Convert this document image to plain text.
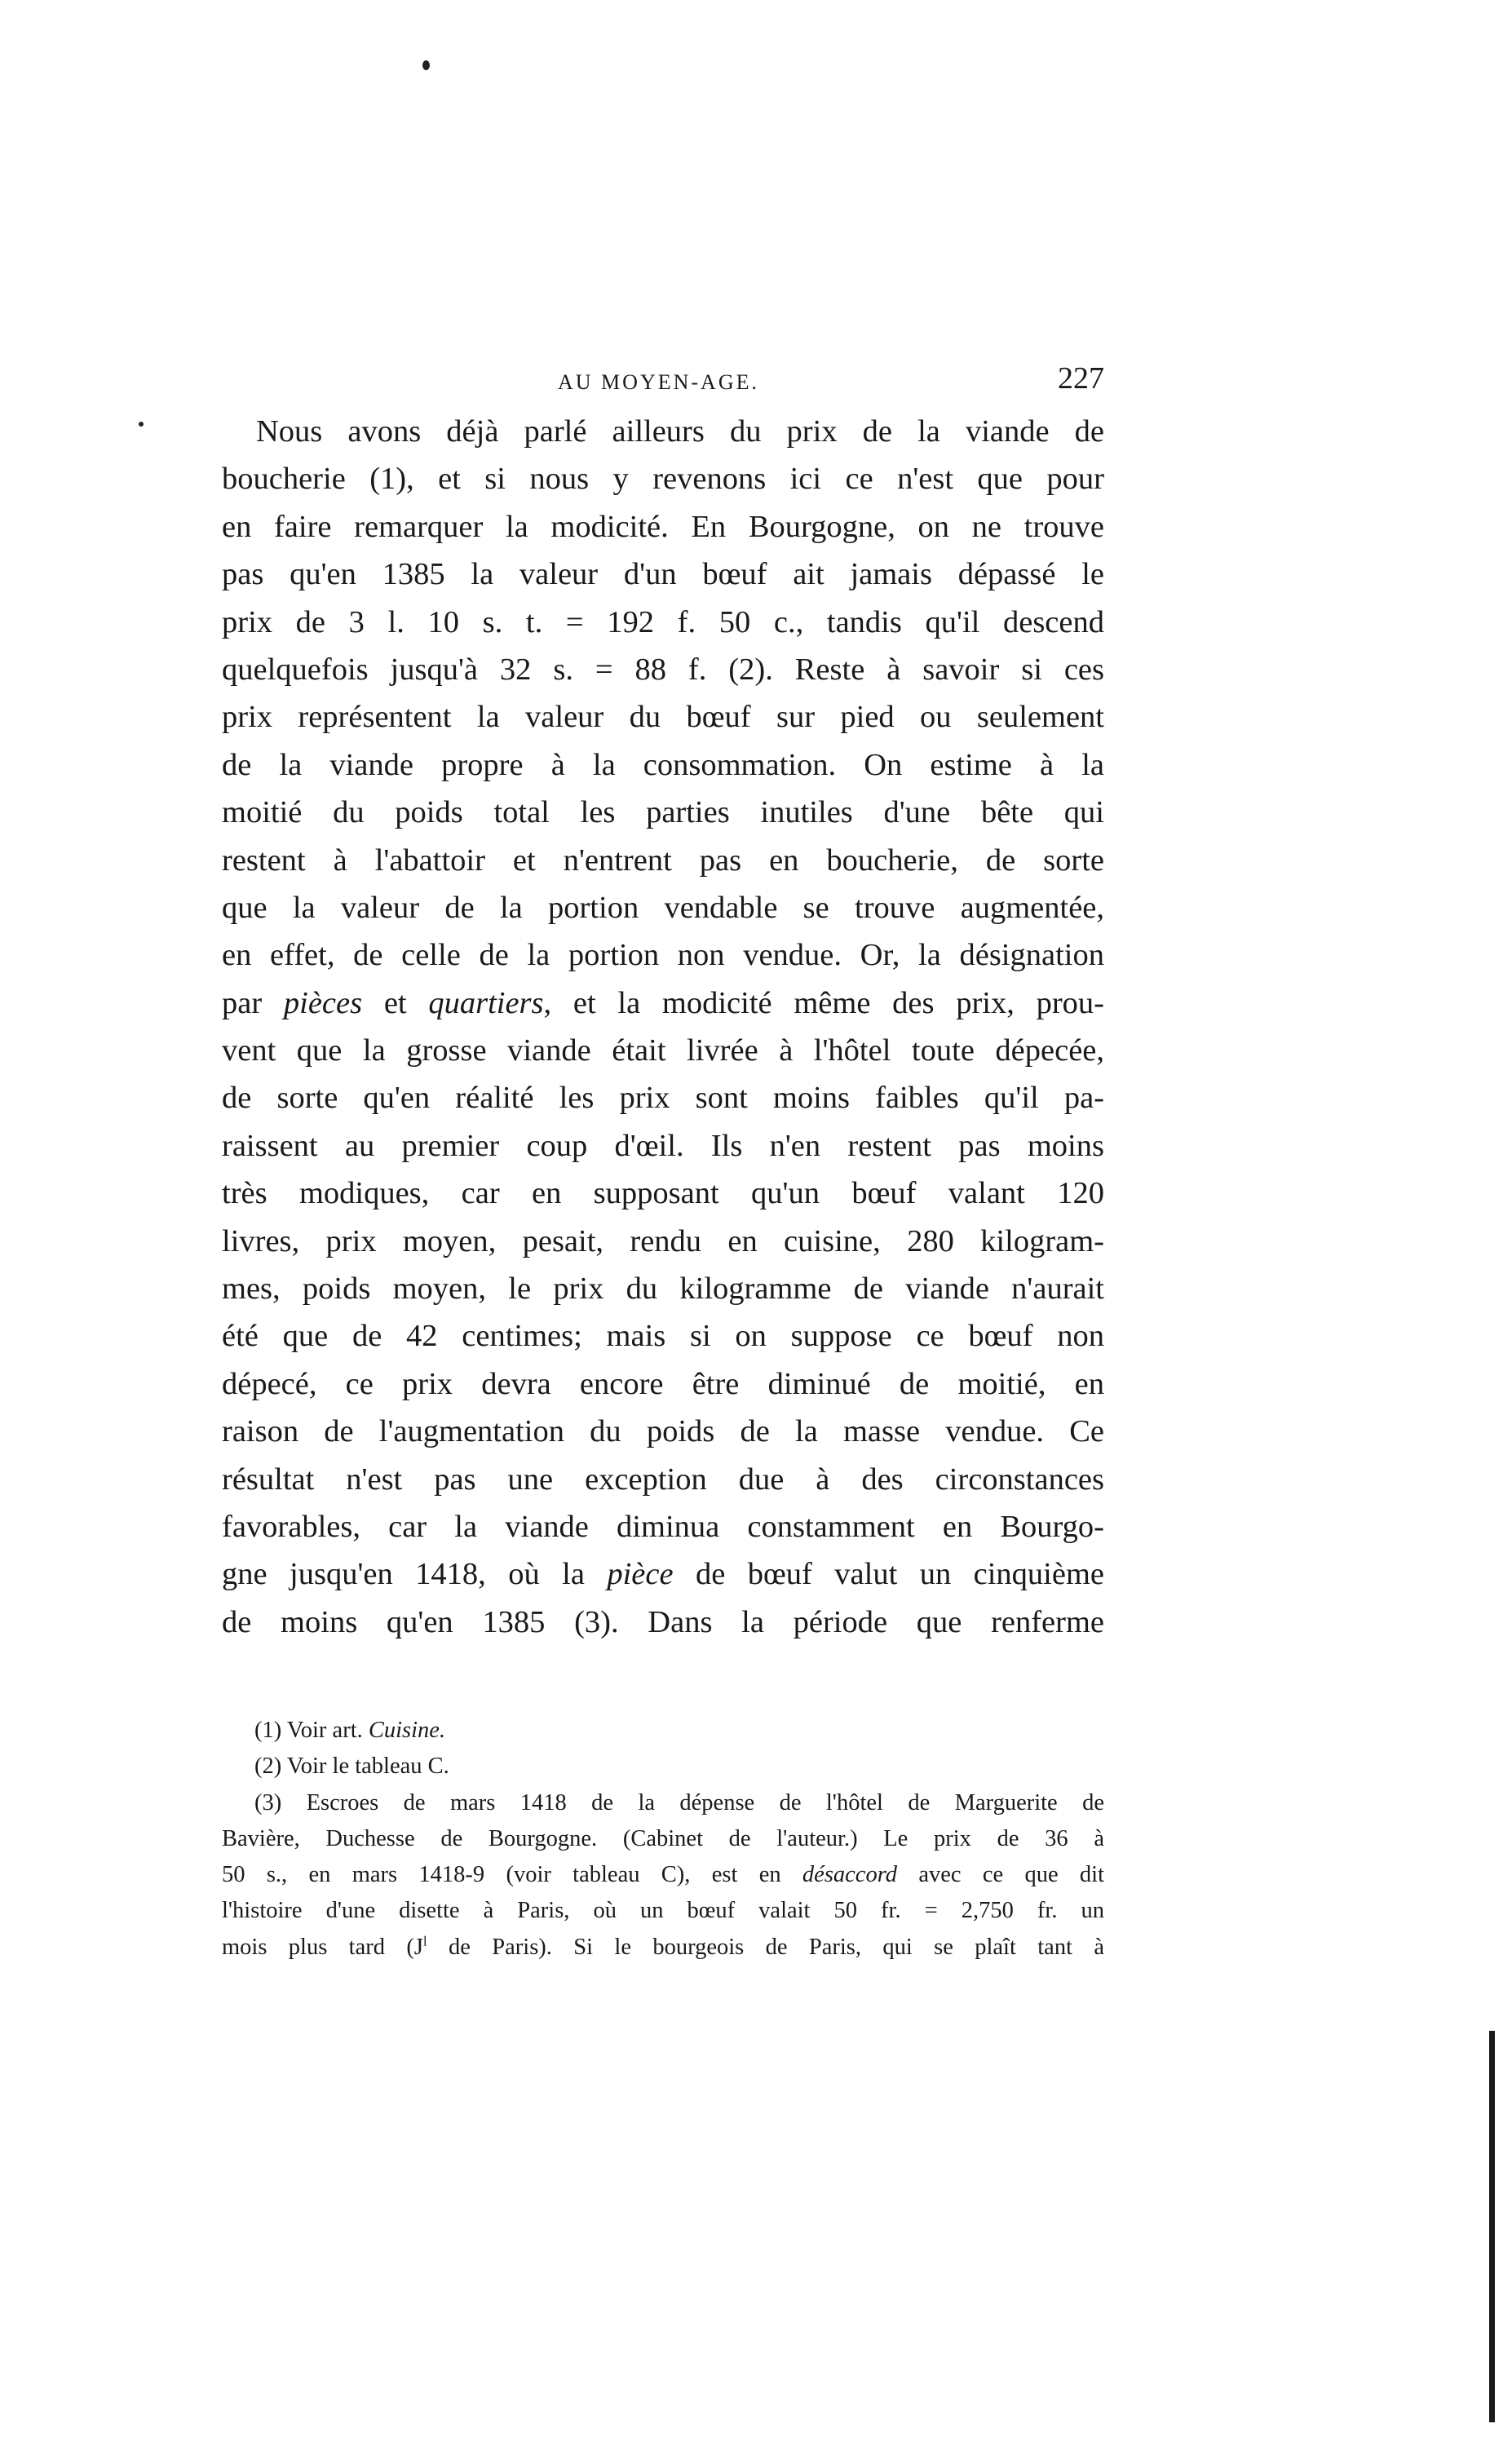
AU MOYEN-AGE.	227
Nous avons déjà parlé ailleurs du prix de la viande de
boucherie (1), et si nous y revenons ici ce n'est que pour
en faire remarquer la modicité. En Bourgogne, on ne trouve
pas qu'en 1385 la valeur d'un bœuf ait jamais dépassé le
prix de 3 l. 10 s. t. = 192 f. 50 c., tandis qu'il descend
quelquefois jusqu'à 32 s. = 88 f. (2). Reste à savoir si ces
prix représentent la valeur du bœuf sur pied ou seulement
de la viande propre à la consommation. On estime à la
moitié du poids total les parties inutiles d'une bête qui
restent à l'abattoir et n'entrent pas en boucherie, de sorte
que la valeur de la portion vendable se trouve augmentée,
en effet, de celle de la portion non vendue. Or, la désignation
par pièces et quartiers, et la modicité même des prix, prou-
vent que la grosse viande était livrée à l'hôtel toute dépecée,
de sorte qu'en réalité les prix sont moins faibles qu'il pa-
raissent au premier coup d'œil. Ils n'en restent pas moins
très modiques, car en supposant qu'un bœuf valant 120
livres, prix moyen, pesait, rendu en cuisine, 280 kilogram-
mes, poids moyen, le prix du kilogramme de viande n'aurait
été que de 42 centimes; mais si on suppose ce bœuf non
dépecé, ce prix devra encore être diminué de moitié, en
raison de l'augmentation du poids de la masse vendue. Ce
résultat n'est pas une exception due à des circonstances
favorables, car la viande diminua constamment en Bourgo-
gne jusqu'en 1418, où la pièce de bœuf valut un cinquième
de moins qu'en 1385 (3). Dans la période que renferme
(1) Voir art. Cuisine.
(2) Voir le tableau C.
(3) Escroes de mars 1418 de la dépense de l'hôtel de Marguerite de
Bavière, Duchesse de Bourgogne. (Cabinet de l'auteur.) Le prix de 36 à
50 s., en mars 1418-9 (voir tableau C), est en désaccord avec ce que dit
l'histoire d'une disette à Paris, où un bœuf valait 50 fr. = 2,750 fr. un
mois plus tard ($J^l$ de Paris). Si le bourgeois de Paris, qui se plaît tant à
